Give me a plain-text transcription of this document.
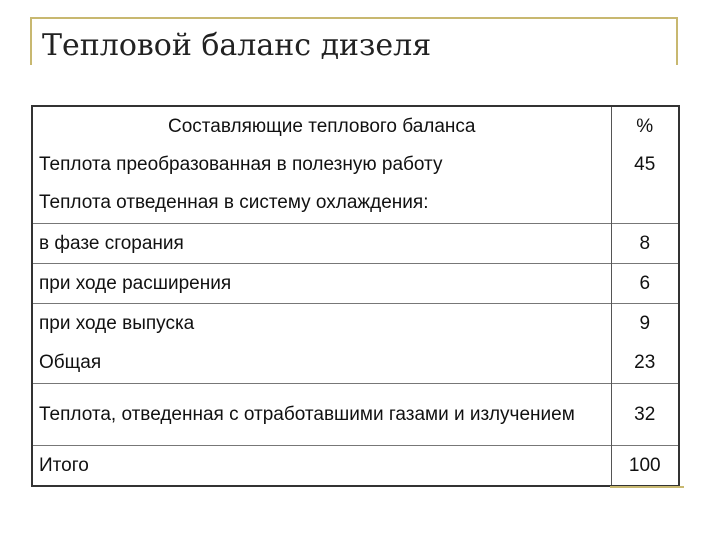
Тепловой баланс дизеля
Составляющие теплового баланса	%
Теплота преобразованная в полезную работу	45
Теплота отведенная в систему охлаждения:	
в фазе сгорания	8
при ходе расширения	6
при ходе выпуска	9
Общая	23
Теплота, отведенная с отработавшими газами и излучением	32
Итого	100
